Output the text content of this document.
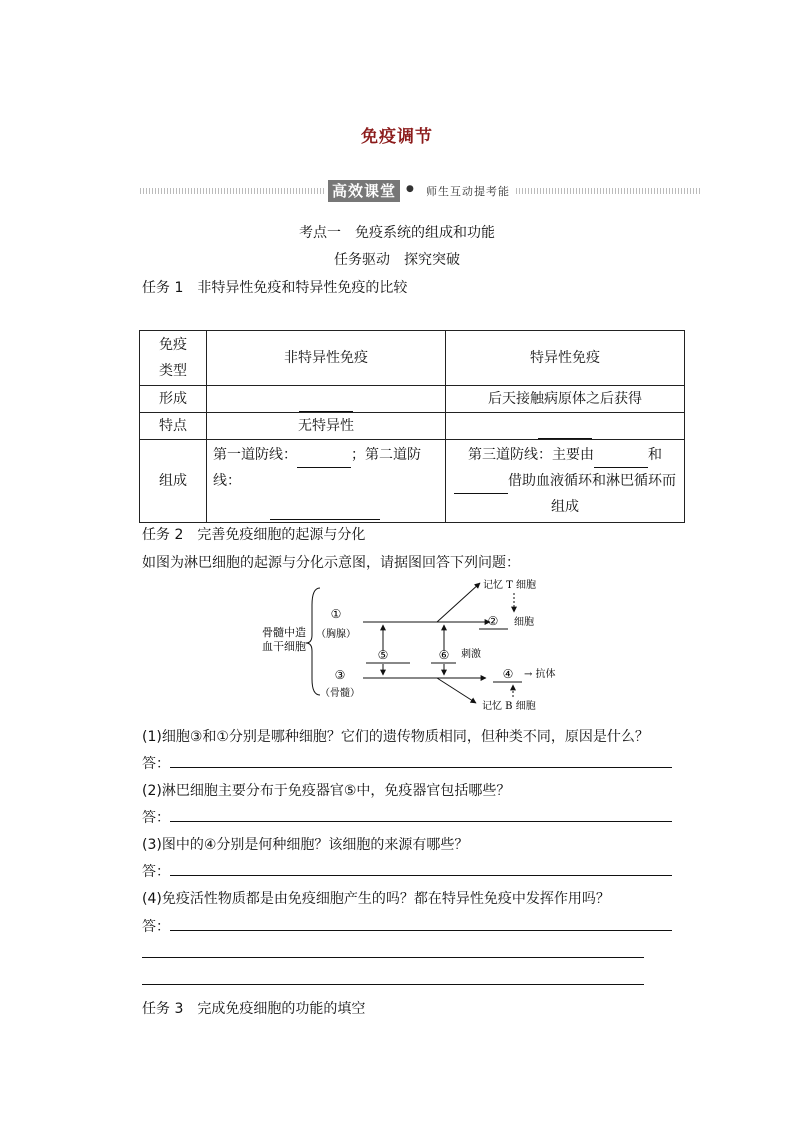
免疫调节
高效课堂	● 师生互动提考能
考点一　免疫系统的组成和功能
任务驱动　探究突破
任务 1　非特异性免疫和特异性免疫的比较
免疫
类型	非特异性免疫	特异性免疫
形成		后天接触病原体之后获得
特点	无特异性	
组成	第一道防线： ；第二道防线：	第三道防线：主要由 和
借助血液循环和淋巴循环而
组成
任务 2　完善免疫细胞的起源与分化
如图为淋巴细胞的起源与分化示意图，请据图回答下列问题：
骨髓中造
血干细胞
①
（胸腺）
③
（骨髓）
记忆 T 细胞
② 细胞
⑤	⑥ 刺激
④ → 抗体
记忆 B 细胞
(1)细胞③和①分别是哪种细胞？它们的遗传物质相同，但种类不同，原因是什么？
答：
(2)淋巴细胞主要分布于免疫器官⑤中，免疫器官包括哪些？
答：
(3)图中的④分别是何种细胞？该细胞的来源有哪些？
答：
(4)免疫活性物质都是由免疫细胞产生的吗？都在特异性免疫中发挥作用吗？
答：
任务 3　完成免疫细胞的功能的填空
